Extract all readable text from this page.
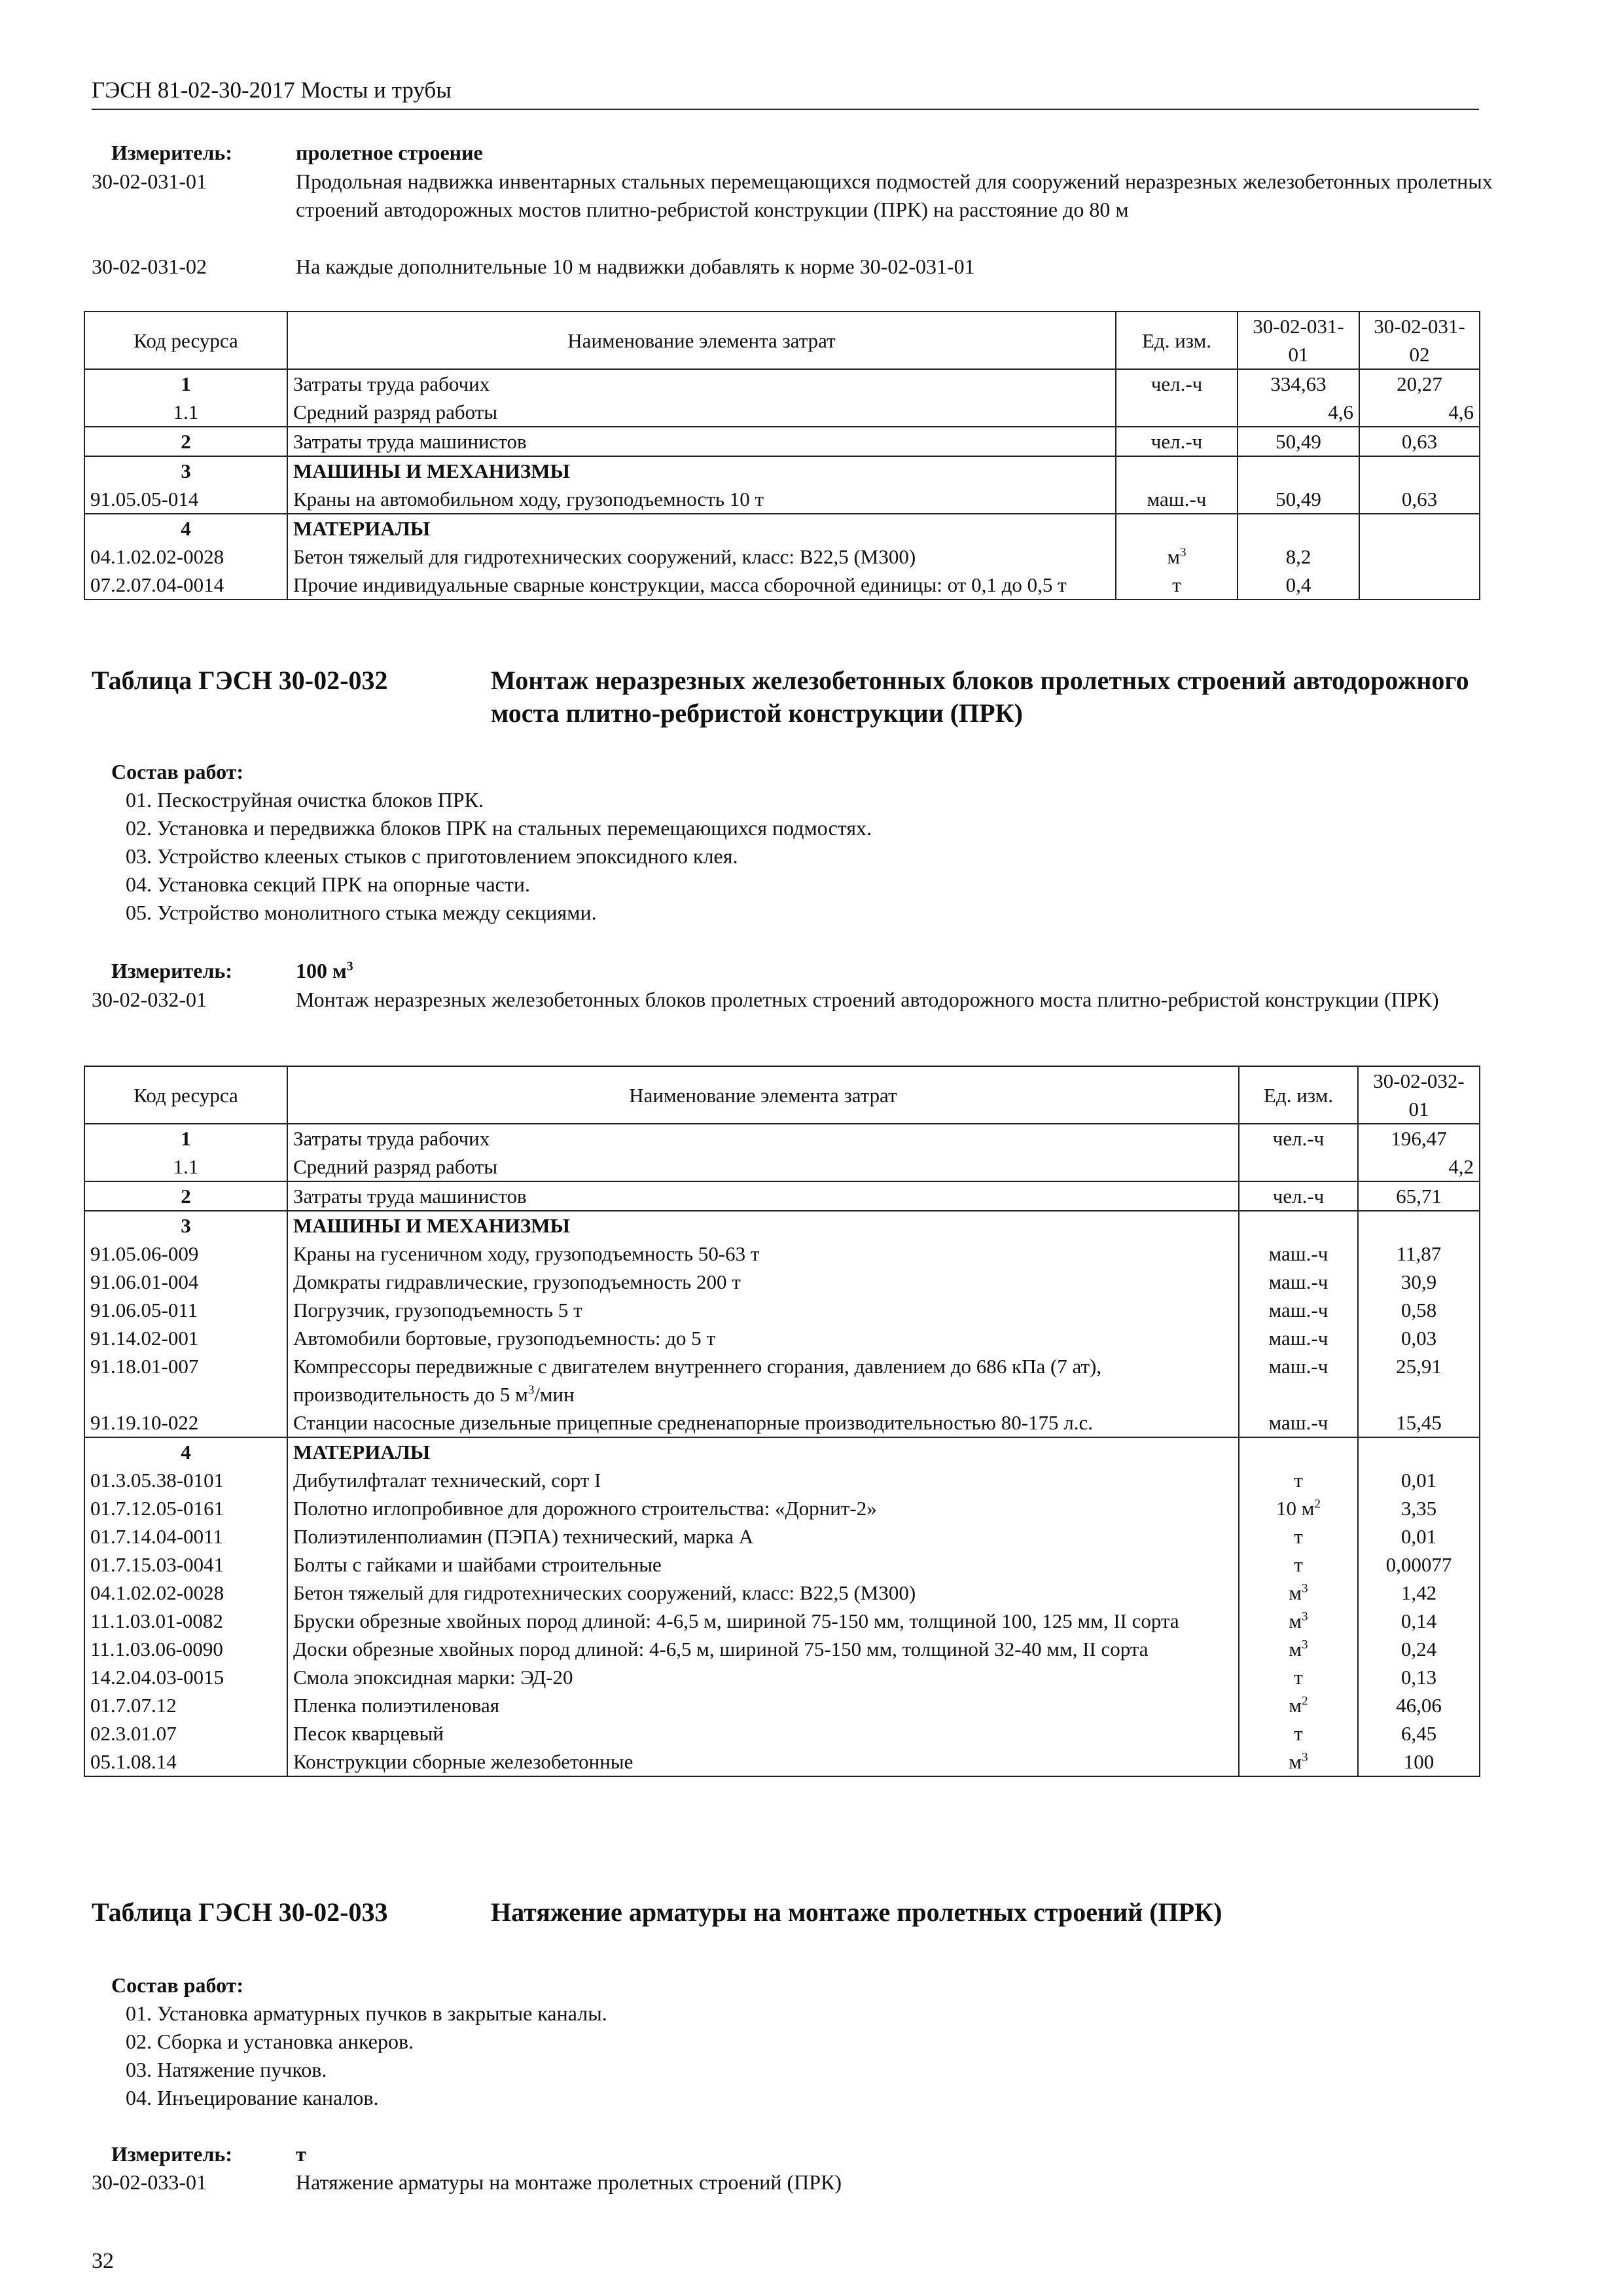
ГЭСН 81-02-30-2017 Мосты и трубы
Измеритель:	пролетное строение
30-02-031-01	Продольная надвижка инвентарных стальных перемещающихся подмостей для сооружений неразрезных железобетонных пролетных строений автодорожных мостов плитно-ребристой конструкции (ПРК) на расстояние до 80 м
30-02-031-02	На каждые дополнительные 10 м надвижки добавлять к норме 30-02-031-01
Код ресурса	Наименование элемента затрат	Ед. изм.	30-02-031-01	30-02-031-02
1	Затраты труда рабочих	чел.-ч	334,63	20,27
1.1	Средний разряд работы		4,6	4,6
2	Затраты труда машинистов	чел.-ч	50,49	0,63
3	МАШИНЫ И МЕХАНИЗМЫ			
91.05.05-014	Краны на автомобильном ходу, грузоподъемность 10 т	маш.-ч	50,49	0,63
4	МАТЕРИАЛЫ			
04.1.02.02-0028	Бетон тяжелый для гидротехнических сооружений, класс: В22,5 (М300)	$м^3$	8,2	
07.2.07.04-0014	Прочие индивидуальные сварные конструкции, масса сборочной единицы: от 0,1 до 0,5 т	т	0,4	
Таблица ГЭСН 30-02-032	Монтаж неразрезных железобетонных блоков пролетных строений автодорожного моста плитно-ребристой конструкции (ПРК)
Состав работ:
01. Пескоструйная очистка блоков ПРК.
02. Установка и передвижка блоков ПРК на стальных перемещающихся подмостях.
03. Устройство клееных стыков с приготовлением эпоксидного клея.
04. Установка секций ПРК на опорные части.
05. Устройство монолитного стыка между секциями.
Измеритель:	100 $м^3$
30-02-032-01	Монтаж неразрезных железобетонных блоков пролетных строений автодорожного моста плитно-ребристой конструкции (ПРК)
Код ресурса	Наименование элемента затрат	Ед. изм.	30-02-032-01
1	Затраты труда рабочих	чел.-ч	196,47
1.1	Средний разряд работы		4,2
2	Затраты труда машинистов	чел.-ч	65,71
3	МАШИНЫ И МЕХАНИЗМЫ		
91.05.06-009	Краны на гусеничном ходу, грузоподъемность 50-63 т	маш.-ч	11,87
91.06.01-004	Домкраты гидравлические, грузоподъемность 200 т	маш.-ч	30,9
91.06.05-011	Погрузчик, грузоподъемность 5 т	маш.-ч	0,58
91.14.02-001	Автомобили бортовые, грузоподъемность: до 5 т	маш.-ч	0,03
91.18.01-007	Компрессоры передвижные с двигателем внутреннего сгорания, давлением до 686 кПа (7 ат), производительность до 5 $м^3$/мин	маш.-ч	25,91
91.19.10-022	Станции насосные дизельные прицепные средненапорные производительностью 80-175 л.с.	маш.-ч	15,45
4	МАТЕРИАЛЫ		
01.3.05.38-0101	Дибутилфталат технический, сорт I	т	0,01
01.7.12.05-0161	Полотно иглопробивное для дорожного строительства: «Дорнит-2»	10 $м^2$	3,35
01.7.14.04-0011	Полиэтиленполиамин (ПЭПА) технический, марка А	т	0,01
01.7.15.03-0041	Болты с гайками и шайбами строительные	т	0,00077
04.1.02.02-0028	Бетон тяжелый для гидротехнических сооружений, класс: В22,5 (М300)	$м^3$	1,42
11.1.03.01-0082	Бруски обрезные хвойных пород длиной: 4-6,5 м, шириной 75-150 мм, толщиной 100, 125 мм, II сорта	$м^3$	0,14
11.1.03.06-0090	Доски обрезные хвойных пород длиной: 4-6,5 м, шириной 75-150 мм, толщиной 32-40 мм, II сорта	$м^3$	0,24
14.2.04.03-0015	Смола эпоксидная марки: ЭД-20	т	0,13
01.7.07.12	Пленка полиэтиленовая	$м^2$	46,06
02.3.01.07	Песок кварцевый	т	6,45
05.1.08.14	Конструкции сборные железобетонные	$м^3$	100
Таблица ГЭСН 30-02-033	Натяжение арматуры на монтаже пролетных строений (ПРК)
Состав работ:
01. Установка арматурных пучков в закрытые каналы.
02. Сборка и установка анкеров.
03. Натяжение пучков.
04. Инъецирование каналов.
Измеритель:	т
30-02-033-01	Натяжение арматуры на монтаже пролетных строений (ПРК)
32
